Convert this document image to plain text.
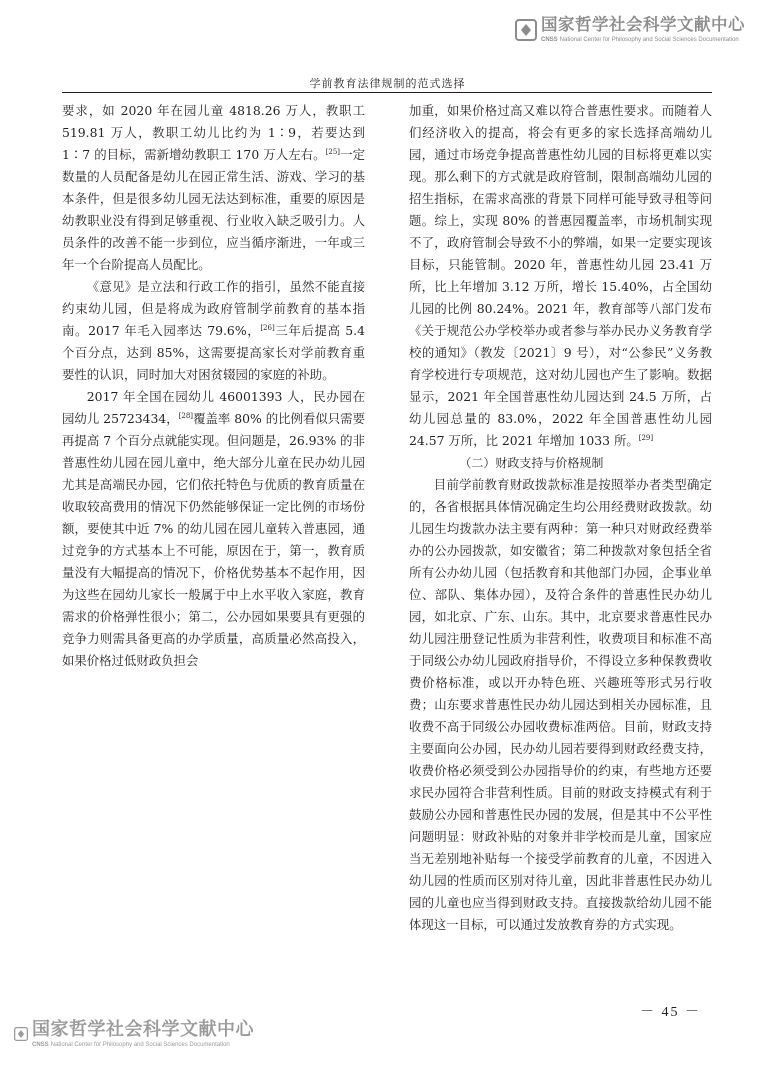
国家哲学社会科学文献中心
CNSS National Center for Philosophy and Social Sciences Documentation
学前教育法律规制的范式选择

要求，如 2020 年在园儿童 4818.26 万人，教职工 519.81 万人，教职工幼儿比约为 1∶9，若要达到 1∶7 的目标，需新增幼教职工 170 万人左右。[25]一定数量的人员配备是幼儿在园正常生活、游戏、学习的基本条件，但是很多幼儿园无法达到标准，重要的原因是幼教职业没有得到足够重视、行业收入缺乏吸引力。人员条件的改善不能一步到位，应当循序渐进，一年或三年一个台阶提高人员配比。

《意见》是立法和行政工作的指引，虽然不能直接约束幼儿园，但是将成为政府管制学前教育的基本指南。2017 年毛入园率达 79.6%，[26]三年后提高 5.4 个百分点，达到 85%，这需要提高家长对学前教育重要性的认识，同时加大对困贫辍园的家庭的补助。

2017 年全国在园幼儿 46001393 人，民办园在园幼儿 25723434，[28]覆盖率 80% 的比例看似只需要再提高 7 个百分点就能实现。但问题是，26.93% 的非普惠性幼儿园在园儿童中，绝大部分儿童在民办幼儿园尤其是高端民办园，它们依托特色与优质的教育质量在收取较高费用的情况下仍然能够保证一定比例的市场份额，要使其中近 7% 的幼儿园在园儿童转入普惠园，通过竞争的方式基本上不可能，原因在于，第一，教育质量没有大幅提高的情况下，价格优势基本不起作用，因为这些在园幼儿家长一般属于中上水平收入家庭，教育需求的价格弹性很小；第二，公办园如果要具有更强的竞争力则需具备更高的办学质量，高质量必然高投入，如果价格过低财政负担会

加重，如果价格过高又难以符合普惠性要求。而随着人们经济收入的提高，将会有更多的家长选择高端幼儿园，通过市场竞争提高普惠性幼儿园的目标将更难以实现。那么剩下的方式就是政府管制，限制高端幼儿园的招生指标，在需求高涨的背景下同样可能导致寻租等问题。综上，实现 80% 的普惠园覆盖率，市场机制实现不了，政府管制会导致不小的弊端，如果一定要实现该目标，只能管制。2020 年，普惠性幼儿园 23.41 万所，比上年增加 3.12 万所，增长 15.40%，占全国幼儿园的比例 80.24%。2021 年，教育部等八部门发布《关于规范公办学校举办或者参与举办民办义务教育学校的通知》（教发〔2021〕9 号），对“公参民”义务教育学校进行专项规范，这对幼儿园也产生了影响。数据显示，2021 年全国普惠性幼儿园达到 24.5 万所，占幼儿园总量的 83.0%，2022 年全国普惠性幼儿园 24.57 万所，比 2021 年增加 1033 所。[29]

（二）财政支持与价格规制

目前学前教育财政拨款标准是按照举办者类型确定的，各省根据具体情况确定生均公用经费财政拨款。幼儿园生均拨款办法主要有两种：第一种只对财政经费举办的公办园拨款，如安徽省；第二种拨款对象包括全省所有公办幼儿园（包括教育和其他部门办园，企事业单位、部队、集体办园），及符合条件的普惠性民办幼儿园，如北京、广东、山东。其中，北京要求普惠性民办幼儿园注册登记性质为非营利性，收费项目和标准不高于同级公办幼儿园政府指导价，不得设立多种保教费收费价格标准，或以开办特色班、兴趣班等形式另行收费；山东要求普惠性民办幼儿园达到相关办园标准，且收费不高于同级公办园收费标准两倍。目前，财政支持主要面向公办园，民办幼儿园若要得到财政经费支持，收费价格必须受到公办园指导价的约束，有些地方还要求民办园符合非营利性质。目前的财政支持模式有利于鼓励公办园和普惠性民办园的发展，但是其中不公平性问题明显：财政补贴的对象并非学校而是儿童，国家应当无差别地补贴每一个接受学前教育的儿童，不因进入幼儿园的性质而区别对待儿童，因此非普惠性民办幼儿园的儿童也应当得到财政支持。直接拨款给幼儿园不能体现这一目标，可以通过发放教育券的方式实现。

－ 45 －
国家哲学社会科学文献中心
CNSS National Center for Philosophy and Social Sciences Documentation
